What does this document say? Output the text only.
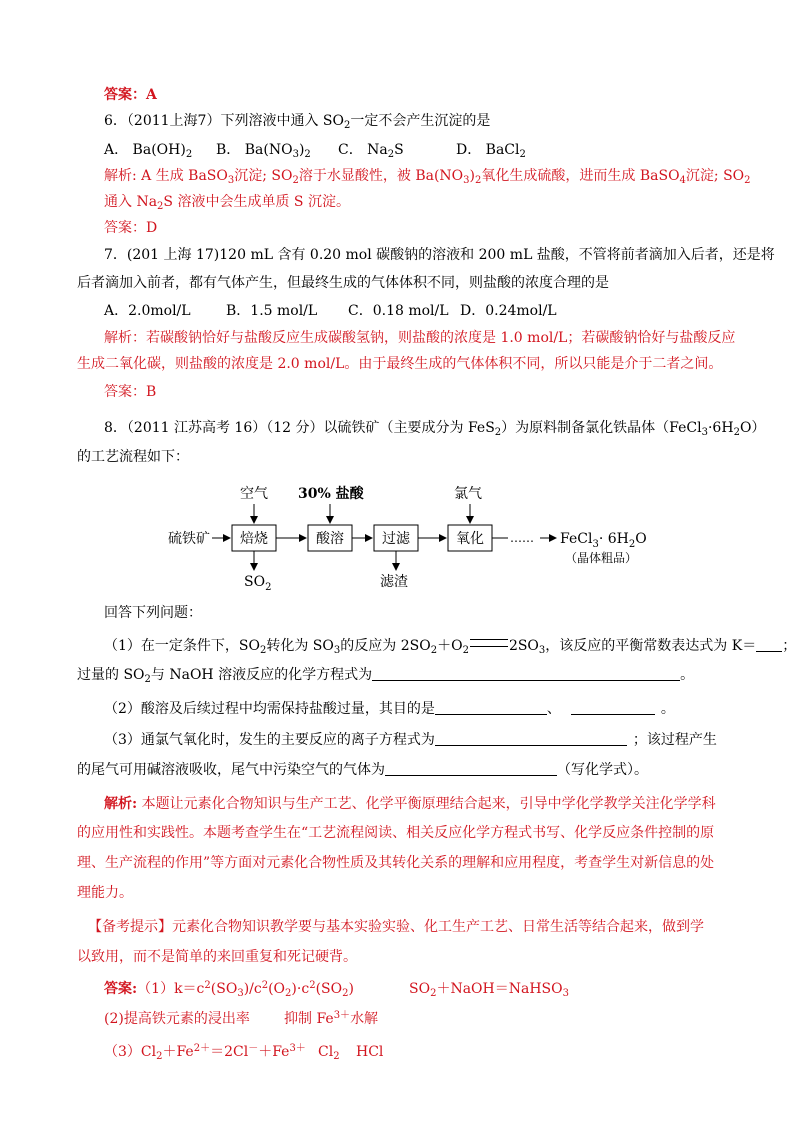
答案：A
6．（2011上海7）下列溶液中通入 $SO_2$一定不会产生沉淀的是
A． $Ba(OH)_2$ B． $Ba(NO_3)_2$ C． $Na_2S$	D． BaCl$_2$
解析: A 生成 BaSO$_3$沉淀; $SO_2$溶于水显酸性，被 $Ba(NO_3)_2$氧化生成硫酸，进而生成 BaSO$_4$沉淀; $SO_2$
通入 $Na_2S$ 溶液中会生成单质 S 沉淀。
答案：D
7．(201 上海 17)120 mL 含有 0.20 mol 碳酸钠的溶液和 200 mL 盐酸，不管将前者滴加入后者，还是将
后者滴加入前者，都有气体产生，但最终生成的气体体积不同，则盐酸的浓度合理的是
A．2.0mol/L	B．1.5 mol/L C．0.18 mol/L D．0.24mol/L
解析：若碳酸钠恰好与盐酸反应生成碳酸氢钠，则盐酸的浓度是 1.0 mol/L；若碳酸钠恰好与盐酸反应
生成二氧化碳，则盐酸的浓度是 2.0 mol/L。由于最终生成的气体体积不同，所以只能是介于二者之间。
答案：B
8．（2011 江苏高考 16）（12 分）以硫铁矿（主要成分为 FeS$_2$）为原料制备氯化铁晶体$(FeCl_3\cdot 6H_2O)$
的工艺流程如下：
硫铁矿 焙烧	酸溶	过滤	氧化 …… FeCl$_3$· $6H_2O$
（晶体粗品）
空气 30% 盐酸	氯气
$SO_2$	滤渣
回答下列问题：
（1）在一定条件下，$SO_2$转化为 $SO_3$的反应为 $2SO_2+O_2$	$2SO_3$，该反应的平衡常数表达式为 K＝ ；
过量的 $SO_2$与 NaOH 溶液反应的化学方程式为	。
（2）酸溶及后续过程中均需保持盐酸过量，其目的是	、	。
（3）通氯气氧化时，发生的主要反应的离子方程式为	；该过程产生
的尾气可用碱溶液吸收，尾气中污染空气的气体为	（写化学式）。
解析: 本题让元素化合物知识与生产工艺、化学平衡原理结合起来，引导中学化学教学关注化学学科
的应用性和实践性。本题考查学生在“工艺流程阅读、相关反应化学方程式书写、化学反应条件控制的原
理、生产流程的作用”等方面对元素化合物性质及其转化关系的理解和应用程度，考查学生对新信息的处
理能力。
【备考提示】元素化合物知识教学要与基本实验实验、化工生产工艺、日常生活等结合起来，做到学
以致用，而不是简单的来回重复和死记硬背。
答案$:(1)k=c^2(SO_3)/c^2(O_2)\cdot c^2(SO_2)$	$SO_2+NaOH=NaHSO_3$
(2)提高铁元素的浸出率 抑制 $Fe^{3+}$水解
$(3)Cl_2+Fe^{2+}=2Cl^-+Fe^{3+}$ $Cl_2$ HCl
